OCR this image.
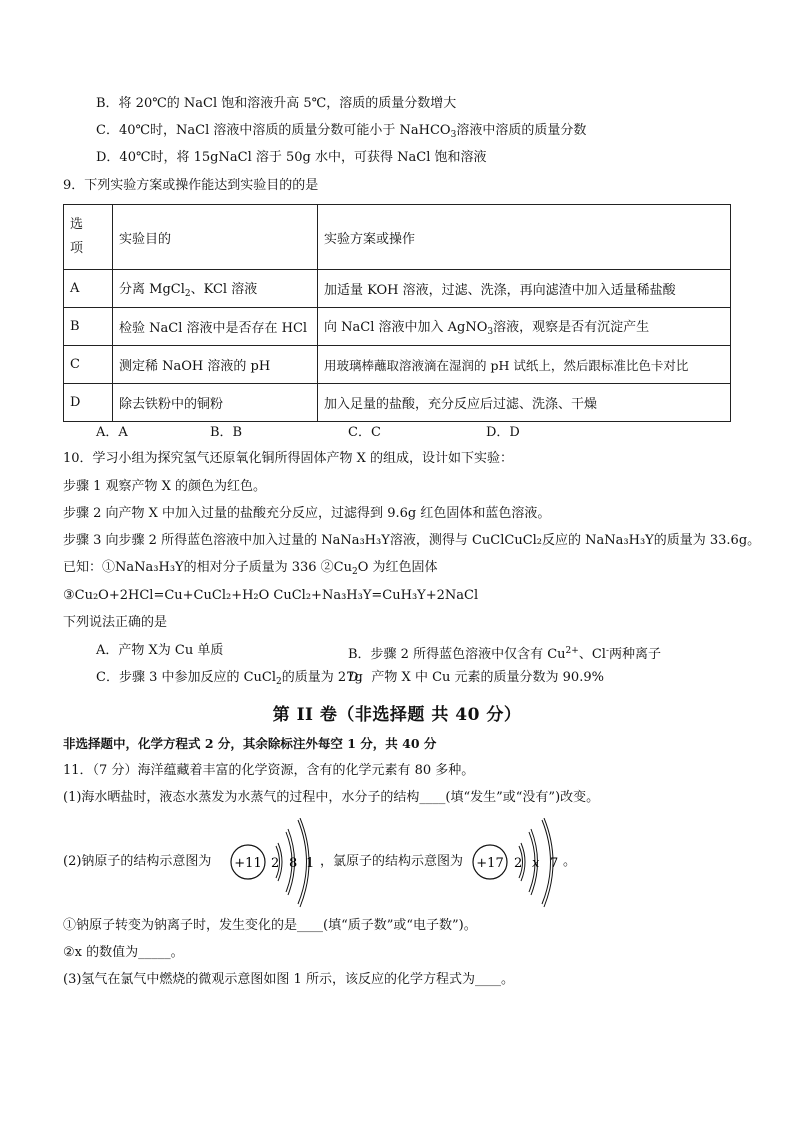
B．将 20℃的 NaCl 饱和溶液升高 5℃，溶质的质量分数增大
C．40℃时，NaCl 溶液中溶质的质量分数可能小于 NaHCO$_3$溶液中溶质的质量分数
D．40℃时，将 15gNaCl 溶于 50g 水中，可获得 NaCl 饱和溶液
9．下列实验方案或操作能达到实验目的的是
选
项	实验目的	实验方案或操作
A	分离 MgCl$_2$、KCl 溶液	加适量 KOH 溶液，过滤、洗涤，再向滤渣中加入适量稀盐酸
B	检验 NaCl 溶液中是否存在 HCl	向 NaCl 溶液中加入 AgNO$_3$溶液，观察是否有沉淀产生
C	测定稀 NaOH 溶液的 pH	用玻璃棒蘸取溶液滴在湿润的 pH 试纸上，然后跟标准比色卡对比
D	除去铁粉中的铜粉	加入足量的盐酸，充分反应后过滤、洗涤、干燥
A．A	B．B	C．C	D．D
10．学习小组为探究氢气还原氧化铜所得固体产物 X 的组成，设计如下实验：
步骤 1 观察产物 X 的颜色为红色。
步骤 2 向产物 X 中加入过量的盐酸充分反应，过滤得到 9.6g 红色固体和蓝色溶液。
步骤 3 向步骤 2 所得蓝色溶液中加入过量的 NaNa₃H₃Y溶液，测得与 CuClCuCl₂反应的 NaNa₃H₃Y的质量为 33.6g。
已知：①NaNa₃H₃Y的相对分子质量为 336 $②Cu_2O$ 为红色固体
③Cu₂O+2HCl=Cu+CuCl₂+H₂O CuCl₂+Na₃H₃Y=CuH₃Y+2NaCl
下列说法正确的是
A．产物 X为 Cu 单质	B．步骤 2 所得蓝色溶液中仅含有 $Cu^{2+}$、Cl-两种离子
C．步骤 3 中参加反应的 CuCl$_2$的质量为 27g
D．产物 X 中 Cu 元素的质量分数为 90.9%
第 II 卷（非选择题 共 40 分）
非选择题中，化学方程式 2 分，其余除标注外每空 1 分，共 40 分
11．（7 分）海洋蕴藏着丰富的化学资源，含有的化学元素有 80 多种。
(1)海水晒盐时，液态水蒸发为水蒸气的过程中，水分子的结构____(填“发生”或“没有”)改变。
(2)钠原子的结构示意图为 +11 2 8 1 ，氯原子的结构示意图为 +17 2 x 7 。
①钠原子转变为钠离子时，发生变化的是____(填“质子数”或“电子数”)。
②x 的数值为_____。
(3)氢气在氯气中燃烧的微观示意图如图 1 所示，该反应的化学方程式为____。
